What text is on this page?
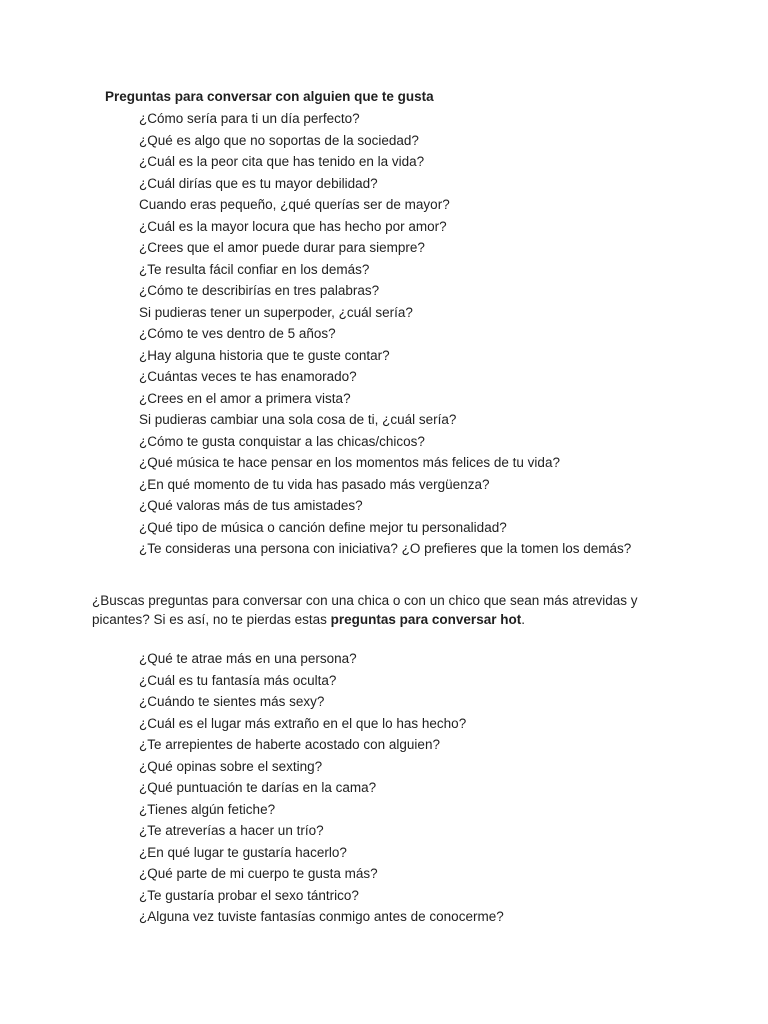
Preguntas para conversar con alguien que te gusta
¿Cómo sería para ti un día perfecto?
¿Qué es algo que no soportas de la sociedad?
¿Cuál es la peor cita que has tenido en la vida?
¿Cuál dirías que es tu mayor debilidad?
Cuando eras pequeño, ¿qué querías ser de mayor?
¿Cuál es la mayor locura que has hecho por amor?
¿Crees que el amor puede durar para siempre?
¿Te resulta fácil confiar en los demás?
¿Cómo te describirías en tres palabras?
Si pudieras tener un superpoder, ¿cuál sería?
¿Cómo te ves dentro de 5 años?
¿Hay alguna historia que te guste contar?
¿Cuántas veces te has enamorado?
¿Crees en el amor a primera vista?
Si pudieras cambiar una sola cosa de ti, ¿cuál sería?
¿Cómo te gusta conquistar a las chicas/chicos?
¿Qué música te hace pensar en los momentos más felices de tu vida?
¿En qué momento de tu vida has pasado más vergüenza?
¿Qué valoras más de tus amistades?
¿Qué tipo de música o canción define mejor tu personalidad?
¿Te consideras una persona con iniciativa? ¿O prefieres que la tomen los demás?

¿Buscas preguntas para conversar con una chica o con un chico que sean más atrevidas y picantes? Si es así, no te pierdas estas preguntas para conversar hot.

¿Qué te atrae más en una persona?
¿Cuál es tu fantasía más oculta?
¿Cuándo te sientes más sexy?
¿Cuál es el lugar más extraño en el que lo has hecho?
¿Te arrepientes de haberte acostado con alguien?
¿Qué opinas sobre el sexting?
¿Qué puntuación te darías en la cama?
¿Tienes algún fetiche?
¿Te atreverías a hacer un trío?
¿En qué lugar te gustaría hacerlo?
¿Qué parte de mi cuerpo te gusta más?
¿Te gustaría probar el sexo tántrico?
¿Alguna vez tuviste fantasías conmigo antes de conocerme?
